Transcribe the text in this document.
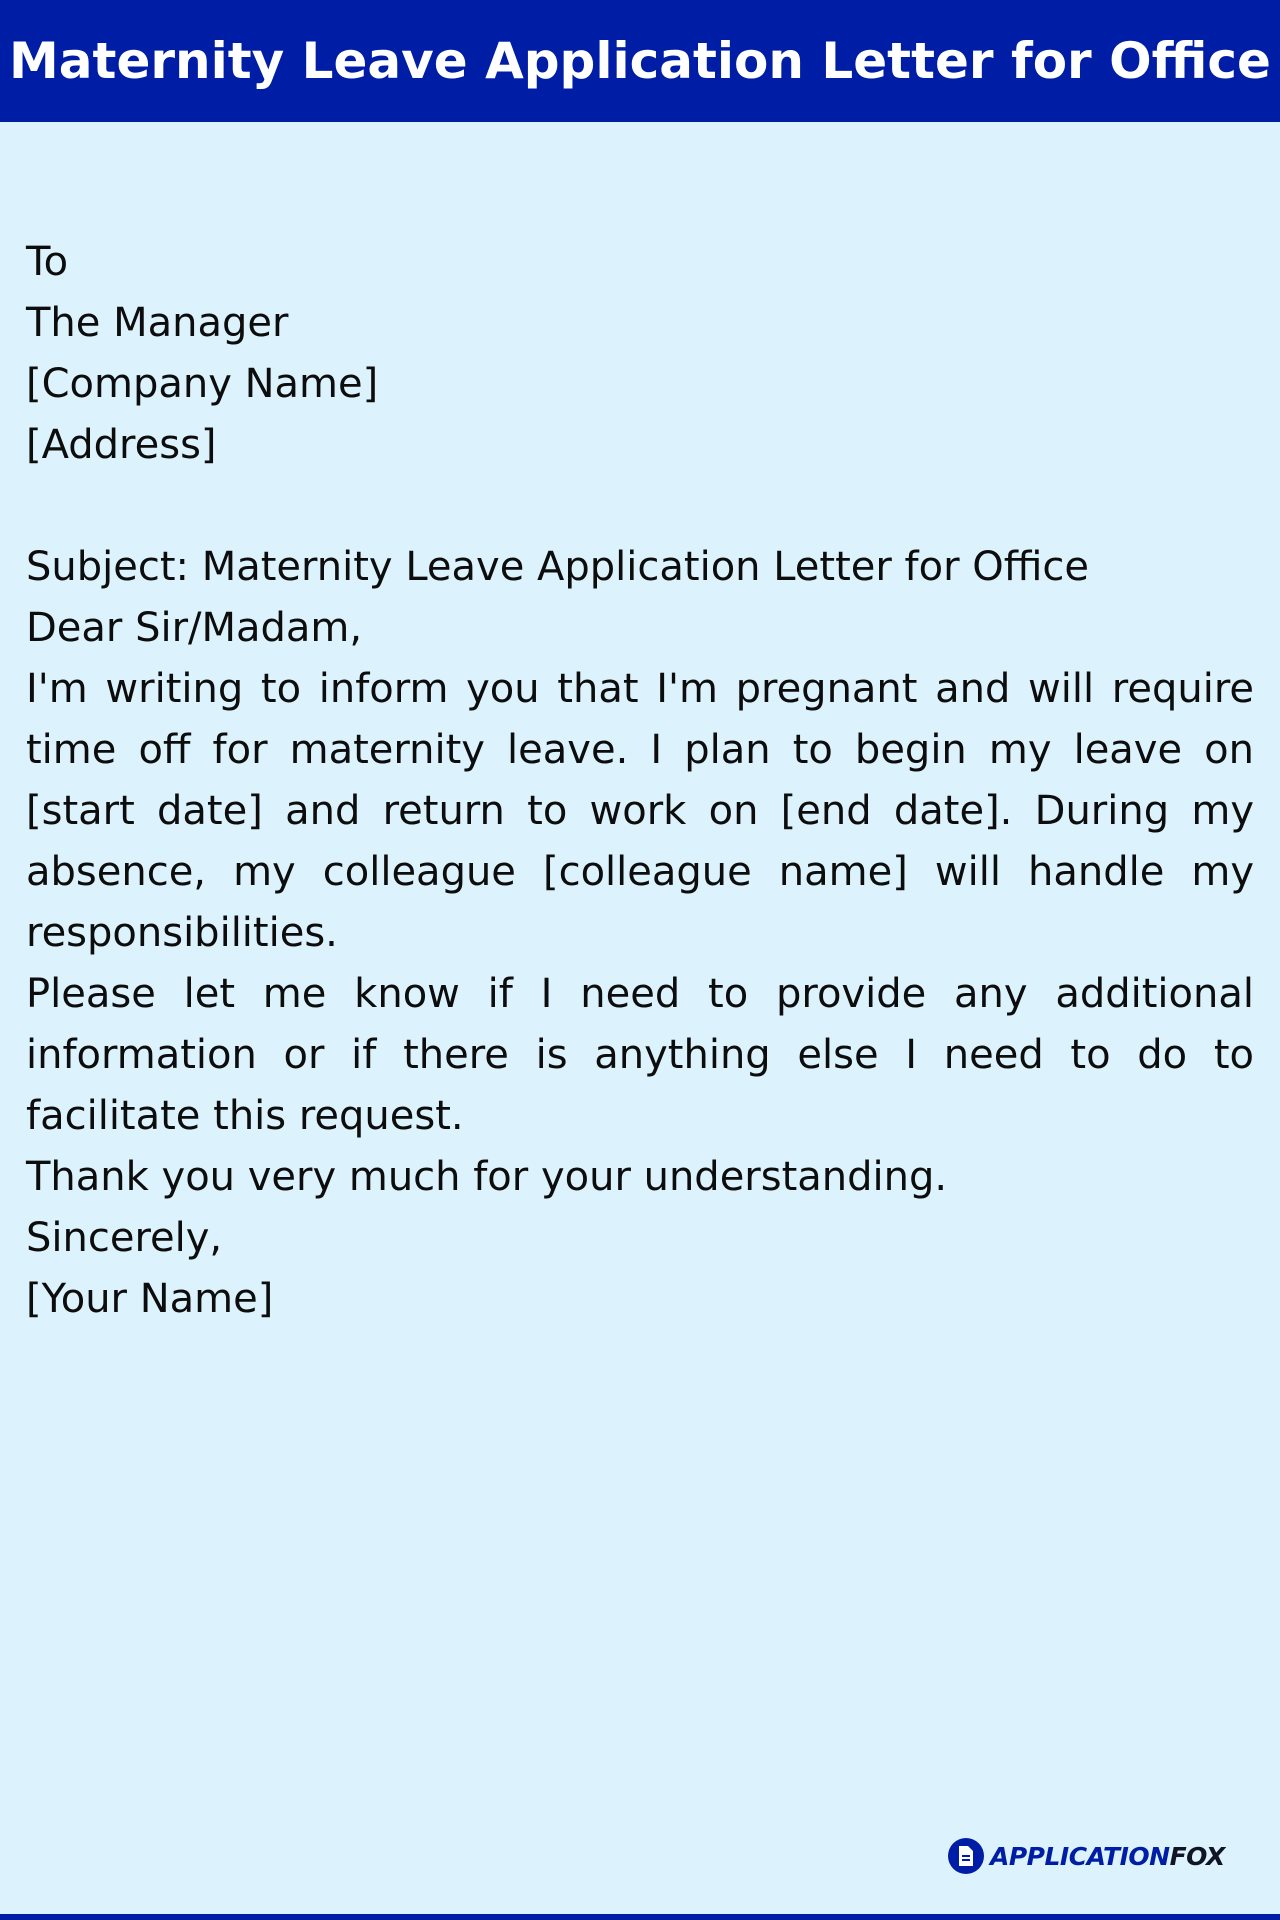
Maternity Leave Application Letter for Office

To

The Manager

[Company Name]

[Address]

Subject: Maternity Leave Application Letter for Office

Dear Sir/Madam,

I'm writing to inform you that I'm pregnant and will require time off for maternity leave. I plan to begin my leave on [start date] and return to work on [end date]. During my absence, my colleague [colleague name] will handle my responsibilities.

Please let me know if I need to provide any additional information or if there is anything else I need to do to facilitate this request.

Thank you very much for your understanding.

Sincerely,

[Your Name]

APPLICATIONFOX
